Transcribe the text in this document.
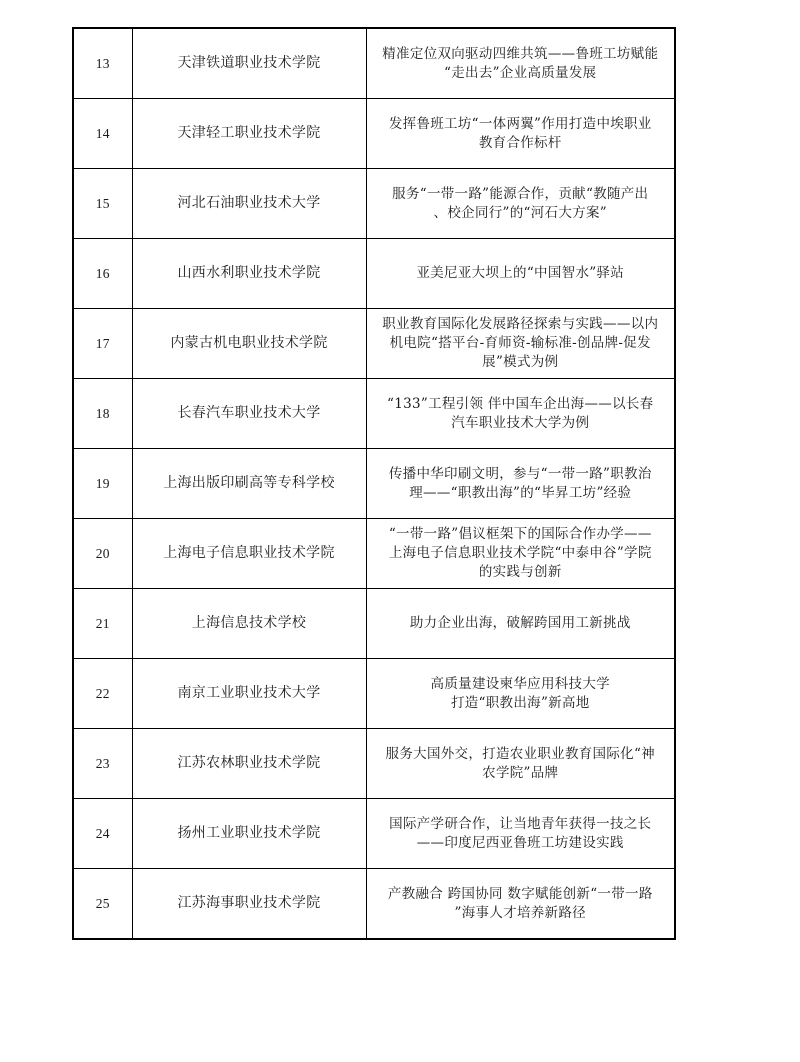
13	天津铁道职业技术学院	精准定位双向驱动四维共筑——鲁班工坊赋能
“走出去”企业高质量发展

14	天津轻工职业技术学院	发挥鲁班工坊“一体两翼”作用打造中埃职业
教育合作标杆

15	河北石油职业技术大学	服务“一带一路”能源合作，贡献“教随产出
、校企同行”的“河石大方案”

16	山西水利职业技术学院	亚美尼亚大坝上的“中国智水”驿站

17	内蒙古机电职业技术学院	职业教育国际化发展路径探索与实践——以内
机电院“搭平台-育师资-输标准-创品牌-促发
展”模式为例

18	长春汽车职业技术大学	“133”工程引领 伴中国车企出海——以长春
汽车职业技术大学为例

19	上海出版印刷高等专科学校	传播中华印刷文明，参与“一带一路”职教治
理——“职教出海”的“毕昇工坊”经验

20	上海电子信息职业技术学院	“一带一路”倡议框架下的国际合作办学——
上海电子信息职业技术学院“中泰申谷”学院
的实践与创新

21	上海信息技术学校	助力企业出海，破解跨国用工新挑战

22	南京工业职业技术大学	高质量建设柬华应用科技大学
打造“职教出海”新高地

23	江苏农林职业技术学院	服务大国外交，打造农业职业教育国际化“神
农学院”品牌

24	扬州工业职业技术学院	国际产学研合作，让当地青年获得一技之长
——印度尼西亚鲁班工坊建设实践

25	江苏海事职业技术学院	产教融合 跨国协同 数字赋能创新“一带一路
”海事人才培养新路径
